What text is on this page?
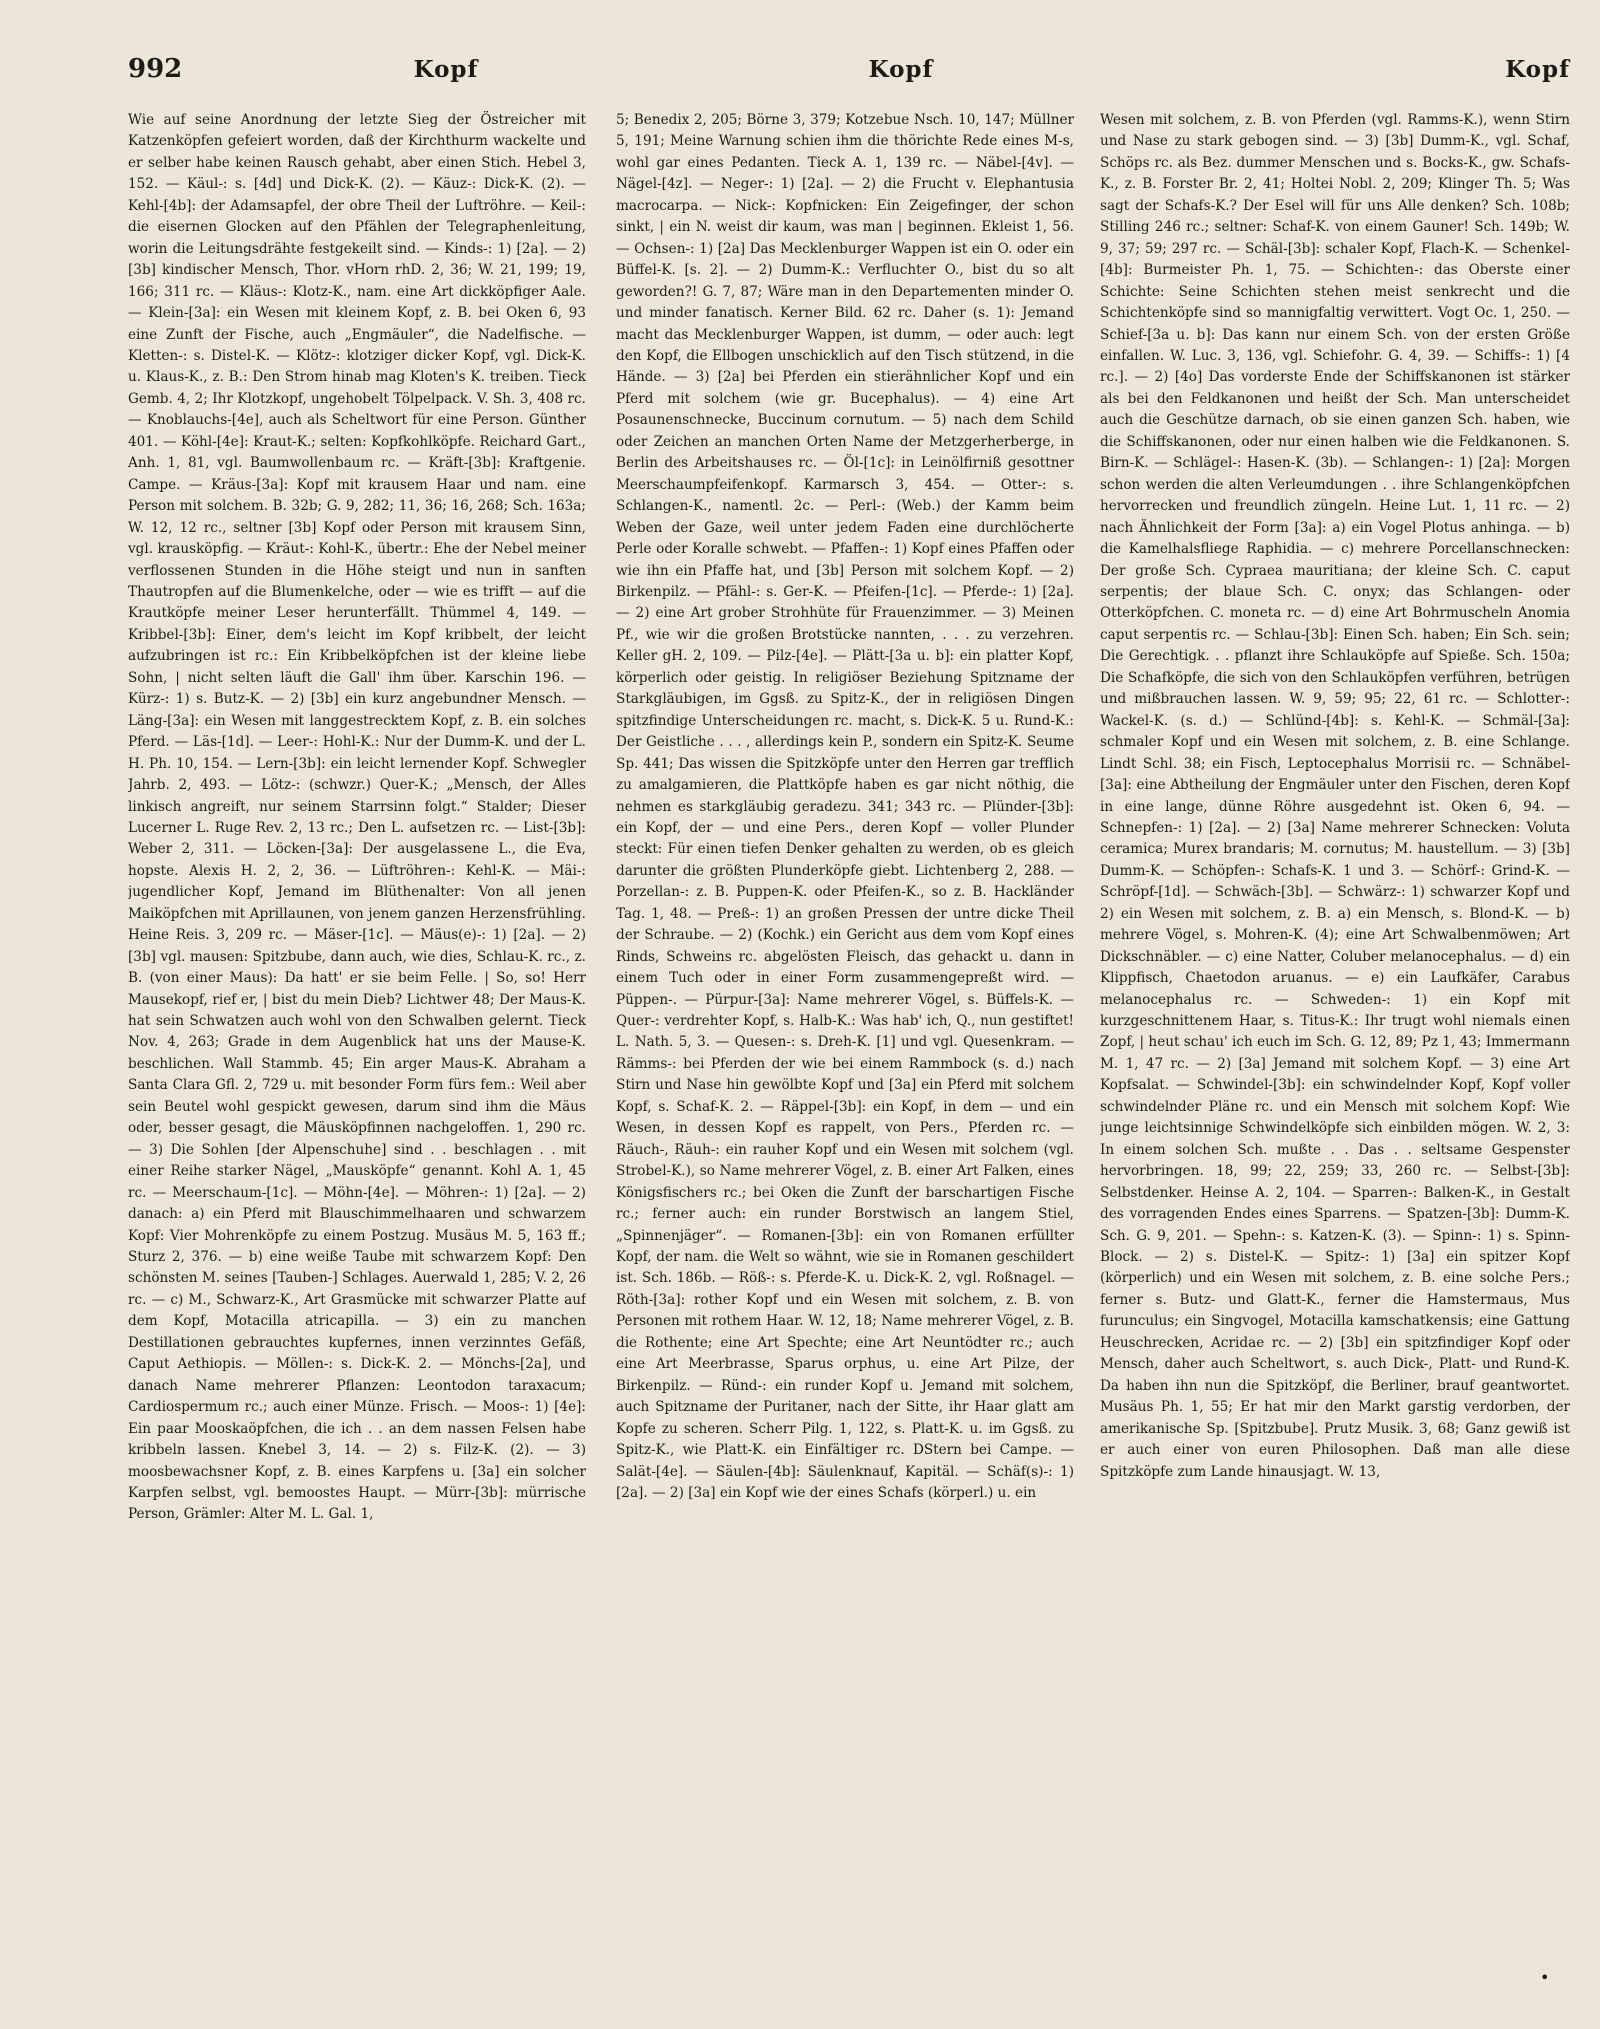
992	Kopf	Kopf	Kopf

Wie auf seine Anordnung der letzte Sieg der Östreicher mit Katzenköpfen gefeiert worden, daß der Kirchthurm wackelte und er selber habe keinen Rausch gehabt, aber einen Stich. Hebel 3, 152. — Käul-: s. [4d] und Dick-K. (2). — Käuz-: Dick-K. (2). — Kehl-[4b]: der Adamsapfel, der obre Theil der Luftröhre. — Keil-: die eisernen Glocken auf den Pfählen der Telegraphenleitung, worin die Leitungsdrähte festgekeilt sind. — Kinds-: 1) [2a]. — 2) [3b] kindischer Mensch, Thor. vHorn rhD. 2, 36; W. 21, 199; 19, 166; 311 rc. — Kläus-: Klotz-K., nam. eine Art dickköpfiger Aale. — Klein-[3a]: ein Wesen mit kleinem Kopf, z. B. bei Oken 6, 93 eine Zunft der Fische, auch „Engmäuler“, die Nadelfische. — Kletten-: s. Distel-K. — Klötz-: klotziger dicker Kopf, vgl. Dick-K. u. Klaus-K., z. B.: Den Strom hinab mag Kloten's K. treiben. Tieck Gemb. 4, 2; Ihr Klotzkopf, ungehobelt Tölpelpack. V. Sh. 3, 408 rc. — Knoblauchs-[4e], auch als Scheltwort für eine Person. Günther 401. — Köhl-[4e]: Kraut-K.; selten: Kopfkohlköpfe. Reichard Gart., Anh. 1, 81, vgl. Baumwollenbaum rc. — Kräft-[3b]: Kraftgenie. Campe. — Kräus-[3a]: Kopf mit krausem Haar und nam. eine Person mit solchem. B. 32b; G. 9, 282; 11, 36; 16, 268; Sch. 163a; W. 12, 12 rc., seltner [3b] Kopf oder Person mit krausem Sinn, vgl. krausköpfig. — Kräut-: Kohl-K., übertr.: Ehe der Nebel meiner verflossenen Stunden in die Höhe steigt und nun in sanften Thautropfen auf die Blumenkelche, oder — wie es trifft — auf die Krautköpfe meiner Leser herunterfällt. Thümmel 4, 149. — Kribbel-[3b]: Einer, dem's leicht im Kopf kribbelt, der leicht aufzubringen ist rc.: Ein Kribbelköpfchen ist der kleine liebe Sohn, | nicht selten läuft die Gall' ihm über. Karschin 196. — Kürz-: 1) s. Butz-K. — 2) [3b] ein kurz angebundner Mensch. — Läng-[3a]: ein Wesen mit langgestrecktem Kopf, z. B. ein solches Pferd. — Läs-[1d]. — Leer-: Hohl-K.: Nur der Dumm-K. und der L. H. Ph. 10, 154. — Lern-[3b]: ein leicht lernender Kopf. Schwegler Jahrb. 2, 493. — Lötz-: (schwzr.) Quer-K.; „Mensch, der Alles linkisch angreift, nur seinem Starrsinn folgt.“ Stalder; Dieser Lucerner L. Ruge Rev. 2, 13 rc.; Den L. aufsetzen rc. — List-[3b]: Weber 2, 311. — Löcken-[3a]: Der ausgelassene L., die Eva, hopste. Alexis H. 2, 2, 36. — Lüftröhren-: Kehl-K. — Mäi-: jugendlicher Kopf, Jemand im Blüthenalter: Von all jenen Maiköpfchen mit Aprillaunen, von jenem ganzen Herzensfrühling. Heine Reis. 3, 209 rc. — Mäser-[1c]. — Mäus(e)-: 1) [2a]. — 2) [3b] vgl. mausen: Spitzbube, dann auch, wie dies, Schlau-K. rc., z. B. (von einer Maus): Da hatt' er sie beim Felle. | So, so! Herr Mausekopf, rief er, | bist du mein Dieb? Lichtwer 48; Der Maus-K. hat sein Schwatzen auch wohl von den Schwalben gelernt. Tieck Nov. 4, 263; Grade in dem Augenblick hat uns der Mause-K. beschlichen. Wall Stammb. 45; Ein arger Maus-K. Abraham a Santa Clara Gfl. 2, 729 u. mit besonder Form fürs fem.: Weil aber sein Beutel wohl gespickt gewesen, darum sind ihm die Mäus oder, besser gesagt, die Mäusköpfinnen nachgeloffen. 1, 290 rc. — 3) Die Sohlen [der Alpenschuhe] sind . . beschlagen . . mit einer Reihe starker Nägel, „Mausköpfe“ genannt. Kohl A. 1, 45 rc. — Meerschaum-[1c]. — Möhn-[4e]. — Möhren-: 1) [2a]. — 2) danach: a) ein Pferd mit Blauschimmelhaaren und schwarzem Kopf: Vier Mohrenköpfe zu einem Postzug. Musäus M. 5, 163 ff.; Sturz 2, 376. — b) eine weiße Taube mit schwarzem Kopf: Den schönsten M. seines [Tauben-] Schlages. Auerwald 1, 285; V. 2, 26 rc. — c) M., Schwarz-K., Art Grasmücke mit schwarzer Platte auf dem Kopf, Motacilla atricapilla. — 3) ein zu manchen Destillationen gebrauchtes kupfernes, innen verzinntes Gefäß, Caput Aethiopis. — Möllen-: s. Dick-K. 2. — Mönchs-[2a], und danach Name mehrerer Pflanzen: Leontodon taraxacum; Cardiospermum rc.; auch einer Münze. Frisch. — Moos-: 1) [4e]: Ein paar Mooskaöpfchen, die ich . . an dem nassen Felsen habe kribbeln lassen. Knebel 3, 14. — 2) s. Filz-K. (2). — 3) moosbewachsner Kopf, z. B. eines Karpfens u. [3a] ein solcher Karpfen selbst, vgl. bemoostes Haupt. — Mürr-[3b]: mürrische Person, Grämler: Alter M. L. Gal. 1,

5; Benedix 2, 205; Börne 3, 379; Kotzebue Nsch. 10, 147; Müllner 5, 191; Meine Warnung schien ihm die thörichte Rede eines M-s, wohl gar eines Pedanten. Tieck A. 1, 139 rc. — Näbel-[4v]. — Nägel-[4z]. — Neger-: 1) [2a]. — 2) die Frucht v. Elephantusia macrocarpa. — Nick-: Kopfnicken: Ein Zeigefinger, der schon sinkt, | ein N. weist dir kaum, was man | beginnen. Ekleist 1, 56. — Ochsen-: 1) [2a] Das Mecklenburger Wappen ist ein O. oder ein Büffel-K. [s. 2]. — 2) Dumm-K.: Verfluchter O., bist du so alt geworden?! G. 7, 87; Wäre man in den Departementen minder O. und minder fanatisch. Kerner Bild. 62 rc. Daher (s. 1): Jemand macht das Mecklenburger Wappen, ist dumm, — oder auch: legt den Kopf, die Ellbogen unschicklich auf den Tisch stützend, in die Hände. — 3) [2a] bei Pferden ein stierähnlicher Kopf und ein Pferd mit solchem (wie gr. Bucephalus). — 4) eine Art Posaunenschnecke, Buccinum cornutum. — 5) nach dem Schild oder Zeichen an manchen Orten Name der Metzgerherberge, in Berlin des Arbeitshauses rc. — Öl-[1c]: in Leinölfirniß gesottner Meerschaumpfeifenkopf. Karmarsch 3, 454. — Otter-: s. Schlangen-K., namentl. 2c. — Perl-: (Web.) der Kamm beim Weben der Gaze, weil unter jedem Faden eine durchlöcherte Perle oder Koralle schwebt. — Pfaffen-: 1) Kopf eines Pfaffen oder wie ihn ein Pfaffe hat, und [3b] Person mit solchem Kopf. — 2) Birkenpilz. — Pfähl-: s. Ger-K. — Pfeifen-[1c]. — Pferde-: 1) [2a]. — 2) eine Art grober Strohhüte für Frauenzimmer. — 3) Meinen Pf., wie wir die großen Brotstücke nannten, . . . zu verzehren. Keller gH. 2, 109. — Pilz-[4e]. — Plätt-[3a u. b]: ein platter Kopf, körperlich oder geistig. In religiöser Beziehung Spitzname der Starkgläubigen, im Ggsß. zu Spitz-K., der in religiösen Dingen spitzfindige Unterscheidungen rc. macht, s. Dick-K. 5 u. Rund-K.: Der Geistliche . . . , allerdings kein P., sondern ein Spitz-K. Seume Sp. 441; Das wissen die Spitzköpfe unter den Herren gar trefflich zu amalgamieren, die Plattköpfe haben es gar nicht nöthig, die nehmen es starkgläubig geradezu. 341; 343 rc. — Plünder-[3b]: ein Kopf, der — und eine Pers., deren Kopf — voller Plunder steckt: Für einen tiefen Denker gehalten zu werden, ob es gleich darunter die größten Plunderköpfe giebt. Lichtenberg 2, 288. — Porzellan-: z. B. Puppen-K. oder Pfeifen-K., so z. B. Hackländer Tag. 1, 48. — Preß-: 1) an großen Pressen der untre dicke Theil der Schraube. — 2) (Kochk.) ein Gericht aus dem vom Kopf eines Rinds, Schweins rc. abgelösten Fleisch, das gehackt u. dann in einem Tuch oder in einer Form zusammengepreßt wird. — Püppen-. — Pürpur-[3a]: Name mehrerer Vögel, s. Büffels-K. — Quer-: verdrehter Kopf, s. Halb-K.: Was hab' ich, Q., nun gestiftet! L. Nath. 5, 3. — Quesen-: s. Dreh-K. [1] und vgl. Quesenkram. — Rämms-: bei Pferden der wie bei einem Rammbock (s. d.) nach Stirn und Nase hin gewölbte Kopf und [3a] ein Pferd mit solchem Kopf, s. Schaf-K. 2. — Räppel-[3b]: ein Kopf, in dem — und ein Wesen, in dessen Kopf es rappelt, von Pers., Pferden rc. — Räuch-, Räuh-: ein rauher Kopf und ein Wesen mit solchem (vgl. Strobel-K.), so Name mehrerer Vögel, z. B. einer Art Falken, eines Königsfischers rc.; bei Oken die Zunft der barschartigen Fische rc.; ferner auch: ein runder Borstwisch an langem Stiel, „Spinnenjäger“. — Romanen-[3b]: ein von Romanen erfüllter Kopf, der nam. die Welt so wähnt, wie sie in Romanen geschildert ist. Sch. 186b. — Röß-: s. Pferde-K. u. Dick-K. 2, vgl. Roßnagel. — Röth-[3a]: rother Kopf und ein Wesen mit solchem, z. B. von Personen mit rothem Haar. W. 12, 18; Name mehrerer Vögel, z. B. die Rothente; eine Art Spechte; eine Art Neuntödter rc.; auch eine Art Meerbrasse, Sparus orphus, u. eine Art Pilze, der Birkenpilz. — Ründ-: ein runder Kopf u. Jemand mit solchem, auch Spitzname der Puritaner, nach der Sitte, ihr Haar glatt am Kopfe zu scheren. Scherr Pilg. 1, 122, s. Platt-K. u. im Ggsß. zu Spitz-K., wie Platt-K. ein Einfältiger rc. DStern bei Campe. — Salät-[4e]. — Säulen-[4b]: Säulenknauf, Kapitäl. — Schäf(s)-: 1) [2a]. — 2) [3a] ein Kopf wie der eines Schafs (körperl.) u. ein

Wesen mit solchem, z. B. von Pferden (vgl. Ramms-K.), wenn Stirn und Nase zu stark gebogen sind. — 3) [3b] Dumm-K., vgl. Schaf, Schöps rc. als Bez. dummer Menschen und s. Bocks-K., gw. Schafs-K., z. B. Forster Br. 2, 41; Holtei Nobl. 2, 209; Klinger Th. 5; Was sagt der Schafs-K.? Der Esel will für uns Alle denken? Sch. 108b; Stilling 246 rc.; seltner: Schaf-K. von einem Gauner! Sch. 149b; W. 9, 37; 59; 297 rc. — Schäl-[3b]: schaler Kopf, Flach-K. — Schenkel-[4b]: Burmeister Ph. 1, 75. — Schichten-: das Oberste einer Schichte: Seine Schichten stehen meist senkrecht und die Schichtenköpfe sind so mannigfaltig verwittert. Vogt Oc. 1, 250. — Schief-[3a u. b]: Das kann nur einem Sch. von der ersten Größe einfallen. W. Luc. 3, 136, vgl. Schiefohr. G. 4, 39. — Schiffs-: 1) [4 rc.]. — 2) [4o] Das vorderste Ende der Schiffskanonen ist stärker als bei den Feldkanonen und heißt der Sch. Man unterscheidet auch die Geschütze darnach, ob sie einen ganzen Sch. haben, wie die Schiffskanonen, oder nur einen halben wie die Feldkanonen. S. Birn-K. — Schlägel-: Hasen-K. (3b). — Schlangen-: 1) [2a]: Morgen schon werden die alten Verleumdungen . . ihre Schlangenköpfchen hervorrecken und freundlich züngeln. Heine Lut. 1, 11 rc. — 2) nach Ähnlichkeit der Form [3a]: a) ein Vogel Plotus anhinga. — b) die Kamelhalsfliege Raphidia. — c) mehrere Porcellanschnecken: Der große Sch. Cypraea mauritiana; der kleine Sch. C. caput serpentis; der blaue Sch. C. onyx; das Schlangen- oder Otterköpfchen. C. moneta rc. — d) eine Art Bohrmuscheln Anomia caput serpentis rc. — Schlau-[3b]: Einen Sch. haben; Ein Sch. sein; Die Gerechtigk. . . pflanzt ihre Schlauköpfe auf Spieße. Sch. 150a; Die Schafköpfe, die sich von den Schlauköpfen verführen, betrügen und mißbrauchen lassen. W. 9, 59; 95; 22, 61 rc. — Schlotter-: Wackel-K. (s. d.) — Schlünd-[4b]: s. Kehl-K. — Schmäl-[3a]: schmaler Kopf und ein Wesen mit solchem, z. B. eine Schlange. Lindt Schl. 38; ein Fisch, Leptocephalus Morrisii rc. — Schnäbel-[3a]: eine Abtheilung der Engmäuler unter den Fischen, deren Kopf in eine lange, dünne Röhre ausgedehnt ist. Oken 6, 94. — Schnepfen-: 1) [2a]. — 2) [3a] Name mehrerer Schnecken: Voluta ceramica; Murex brandaris; M. cornutus; M. haustellum. — 3) [3b] Dumm-K. — Schöpfen-: Schafs-K. 1 und 3. — Schörf-: Grind-K. — Schröpf-[1d]. — Schwäch-[3b]. — Schwärz-: 1) schwarzer Kopf und 2) ein Wesen mit solchem, z. B. a) ein Mensch, s. Blond-K. — b) mehrere Vögel, s. Mohren-K. (4); eine Art Schwalbenmöwen; Art Dickschnäbler. — c) eine Natter, Coluber melanocephalus. — d) ein Klippfisch, Chaetodon aruanus. — e) ein Laufkäfer, Carabus melanocephalus rc. — Schweden-: 1) ein Kopf mit kurzgeschnittenem Haar, s. Titus-K.: Ihr trugt wohl niemals einen Zopf, | heut schau' ich euch im Sch. G. 12, 89; Pz 1, 43; Immermann M. 1, 47 rc. — 2) [3a] Jemand mit solchem Kopf. — 3) eine Art Kopfsalat. — Schwindel-[3b]: ein schwindelnder Kopf, Kopf voller schwindelnder Pläne rc. und ein Mensch mit solchem Kopf: Wie junge leichtsinnige Schwindelköpfe sich einbilden mögen. W. 2, 3: In einem solchen Sch. mußte . . Das . . seltsame Gespenster hervorbringen. 18, 99; 22, 259; 33, 260 rc. — Selbst-[3b]: Selbstdenker. Heinse A. 2, 104. — Sparren-: Balken-K., in Gestalt des vorragenden Endes eines Sparrens. — Spatzen-[3b]: Dumm-K. Sch. G. 9, 201. — Spehn-: s. Katzen-K. (3). — Spinn-: 1) s. Spinn-Block. — 2) s. Distel-K. — Spitz-: 1) [3a] ein spitzer Kopf (körperlich) und ein Wesen mit solchem, z. B. eine solche Pers.; ferner s. Butz- und Glatt-K., ferner die Hamstermaus, Mus furunculus; ein Singvogel, Motacilla kamschatkensis; eine Gattung Heuschrecken, Acridae rc. — 2) [3b] ein spitzfindiger Kopf oder Mensch, daher auch Scheltwort, s. auch Dick-, Platt- und Rund-K. Da haben ihn nun die Spitzköpf, die Berliner, brauf geantwortet. Musäus Ph. 1, 55; Er hat mir den Markt garstig verdorben, der amerikanische Sp. [Spitzbube]. Prutz Musik. 3, 68; Ganz gewiß ist er auch einer von euren Philosophen. Daß man alle diese Spitzköpfe zum Lande hinausjagt. W. 13,

•
